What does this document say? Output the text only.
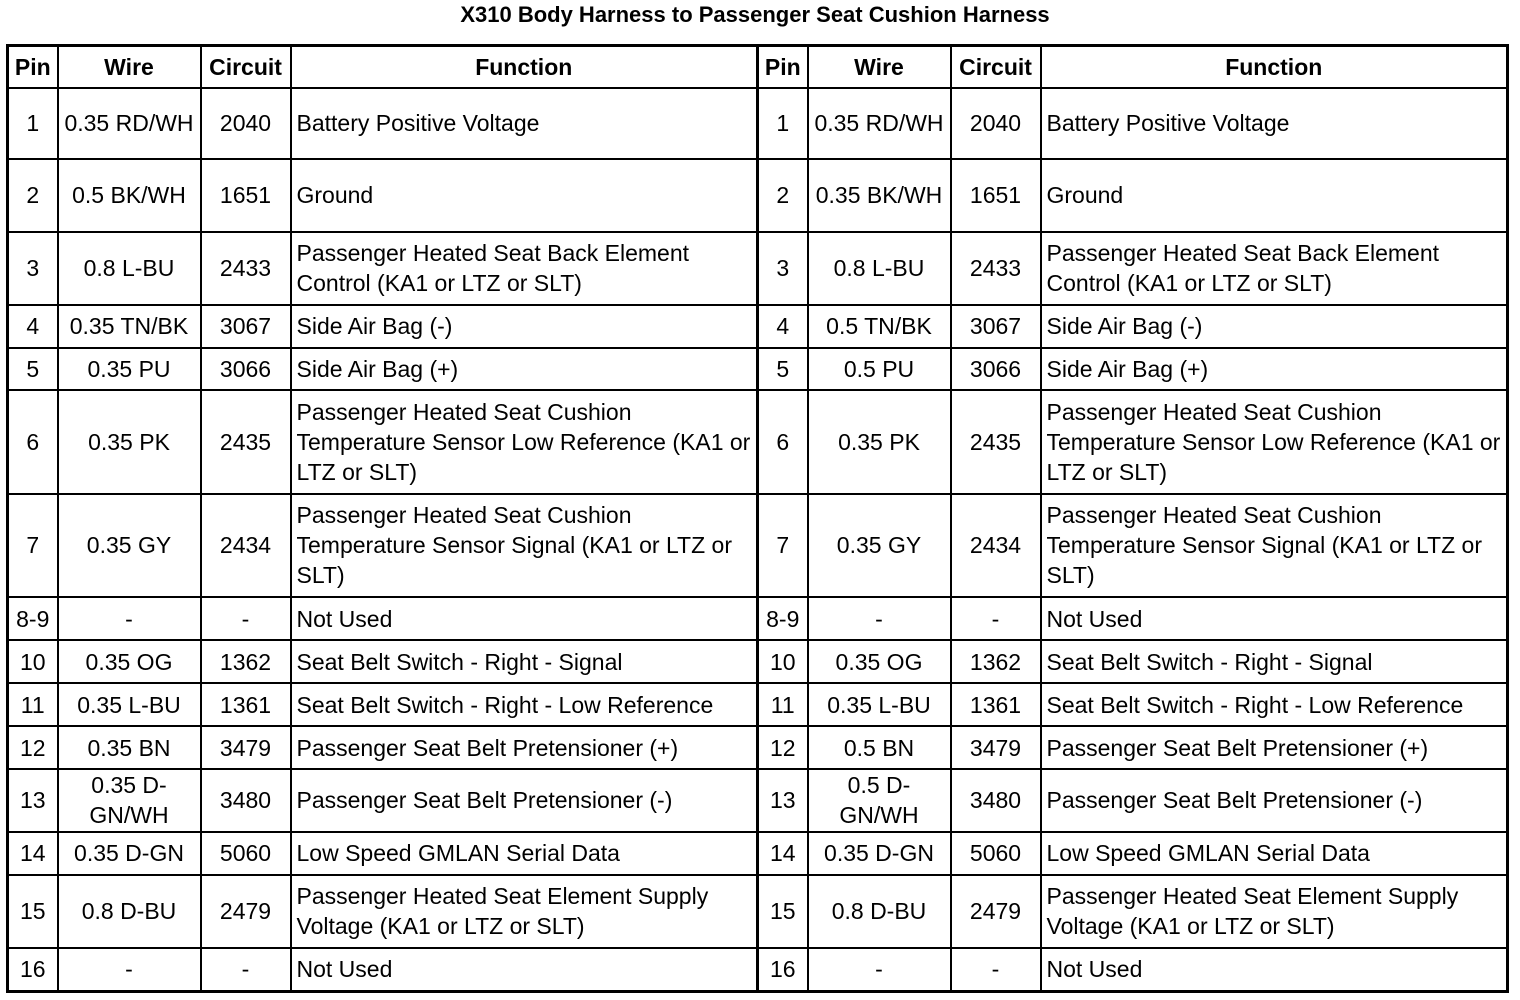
X310 Body Harness to Passenger Seat Cushion Harness
Pin	Wire	Circuit	Function	Pin	Wire	Circuit	Function
1	0.35 RD/WH	2040	Battery Positive Voltage	1	0.35 RD/WH	2040	Battery Positive Voltage
2	0.5 BK/WH	1651	Ground	2	0.35 BK/WH	1651	Ground
3	0.8 L-BU	2433	Passenger Heated Seat Back Element Control (KA1 or LTZ or SLT)	3	0.8 L-BU	2433	Passenger Heated Seat Back Element Control (KA1 or LTZ or SLT)
4	0.35 TN/BK	3067	Side Air Bag (-)	4	0.5 TN/BK	3067	Side Air Bag (-)
5	0.35 PU	3066	Side Air Bag (+)	5	0.5 PU	3066	Side Air Bag (+)
6	0.35 PK	2435	Passenger Heated Seat Cushion Temperature Sensor Low Reference (KA1 or LTZ or SLT)	6	0.35 PK	2435	Passenger Heated Seat Cushion Temperature Sensor Low Reference (KA1 or LTZ or SLT)
7	0.35 GY	2434	Passenger Heated Seat Cushion Temperature Sensor Signal (KA1 or LTZ or SLT)	7	0.35 GY	2434	Passenger Heated Seat Cushion Temperature Sensor Signal (KA1 or LTZ or SLT)
8-9	-	-	Not Used	8-9	-	-	Not Used
10	0.35 OG	1362	Seat Belt Switch - Right - Signal	10	0.35 OG	1362	Seat Belt Switch - Right - Signal
11	0.35 L-BU	1361	Seat Belt Switch - Right - Low Reference	11	0.35 L-BU	1361	Seat Belt Switch - Right - Low Reference
12	0.35 BN	3479	Passenger Seat Belt Pretensioner (+)	12	0.5 BN	3479	Passenger Seat Belt Pretensioner (+)
13	0.35 D-GN/WH	3480	Passenger Seat Belt Pretensioner (-)	13	0.5 D-GN/WH	3480	Passenger Seat Belt Pretensioner (-)
14	0.35 D-GN	5060	Low Speed GMLAN Serial Data	14	0.35 D-GN	5060	Low Speed GMLAN Serial Data
15	0.8 D-BU	2479	Passenger Heated Seat Element Supply Voltage (KA1 or LTZ or SLT)	15	0.8 D-BU	2479	Passenger Heated Seat Element Supply Voltage (KA1 or LTZ or SLT)
16	-	-	Not Used	16	-	-	Not Used
